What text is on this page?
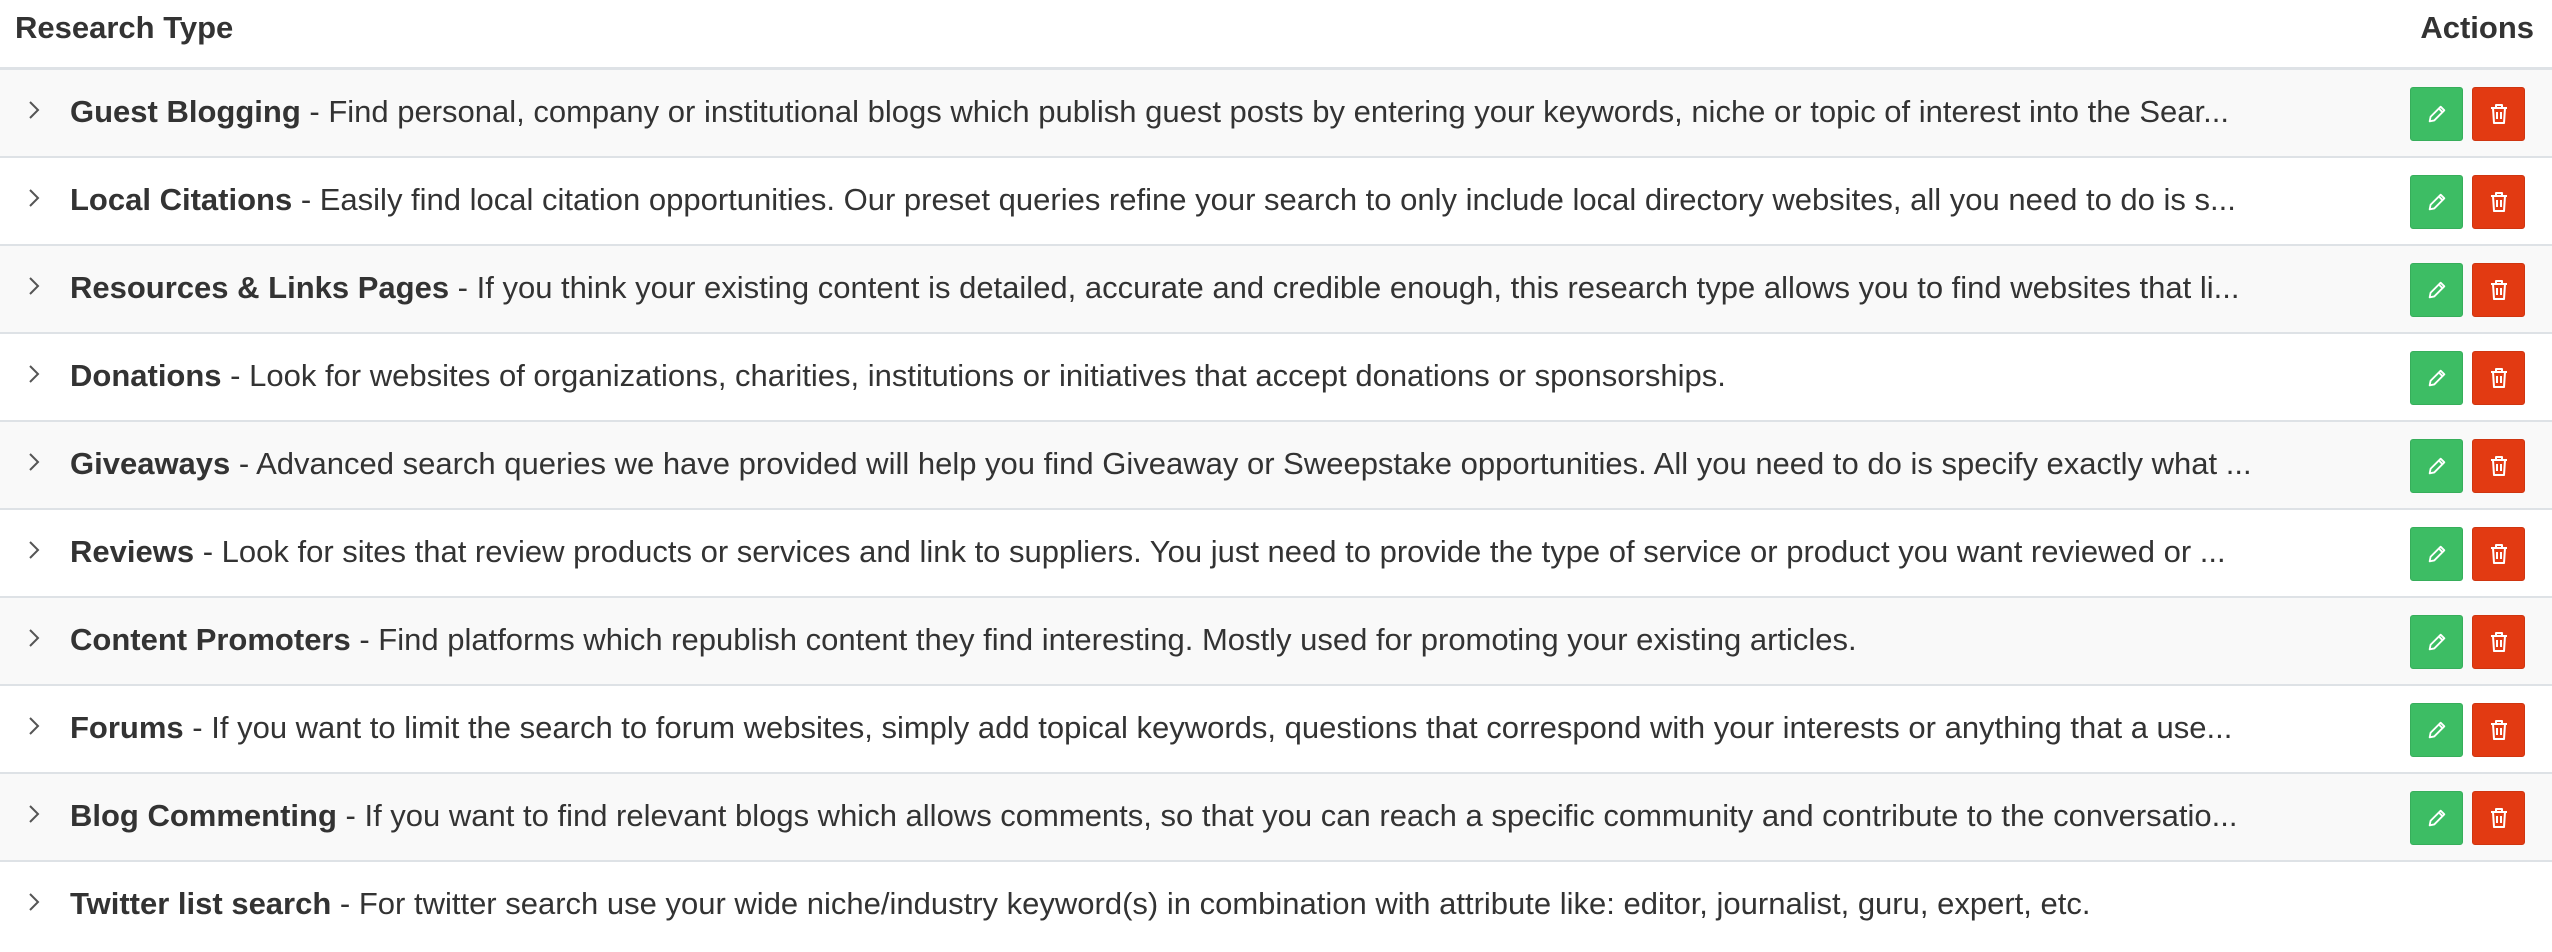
Research Type	Actions
Guest Blogging - Find personal, company or institutional blogs which publish guest posts by entering your keywords, niche or topic of interest into the Sear...
Local Citations - Easily find local citation opportunities. Our preset queries refine your search to only include local directory websites, all you need to do is s...
Resources & Links Pages - If you think your existing content is detailed, accurate and credible enough, this research type allows you to find websites that li...
Donations - Look for websites of organizations, charities, institutions or initiatives that accept donations or sponsorships.
Giveaways - Advanced search queries we have provided will help you find Giveaway or Sweepstake opportunities. All you need to do is specify exactly what ...
Reviews - Look for sites that review products or services and link to suppliers. You just need to provide the type of service or product you want reviewed or ...
Content Promoters - Find platforms which republish content they find interesting. Mostly used for promoting your existing articles.
Forums - If you want to limit the search to forum websites, simply add topical keywords, questions that correspond with your interests or anything that a use...
Blog Commenting - If you want to find relevant blogs which allows comments, so that you can reach a specific community and contribute to the conversatio...
Twitter list search - For twitter search use your wide niche/industry keyword(s) in combination with attribute like: editor, journalist, guru, expert, etc.
